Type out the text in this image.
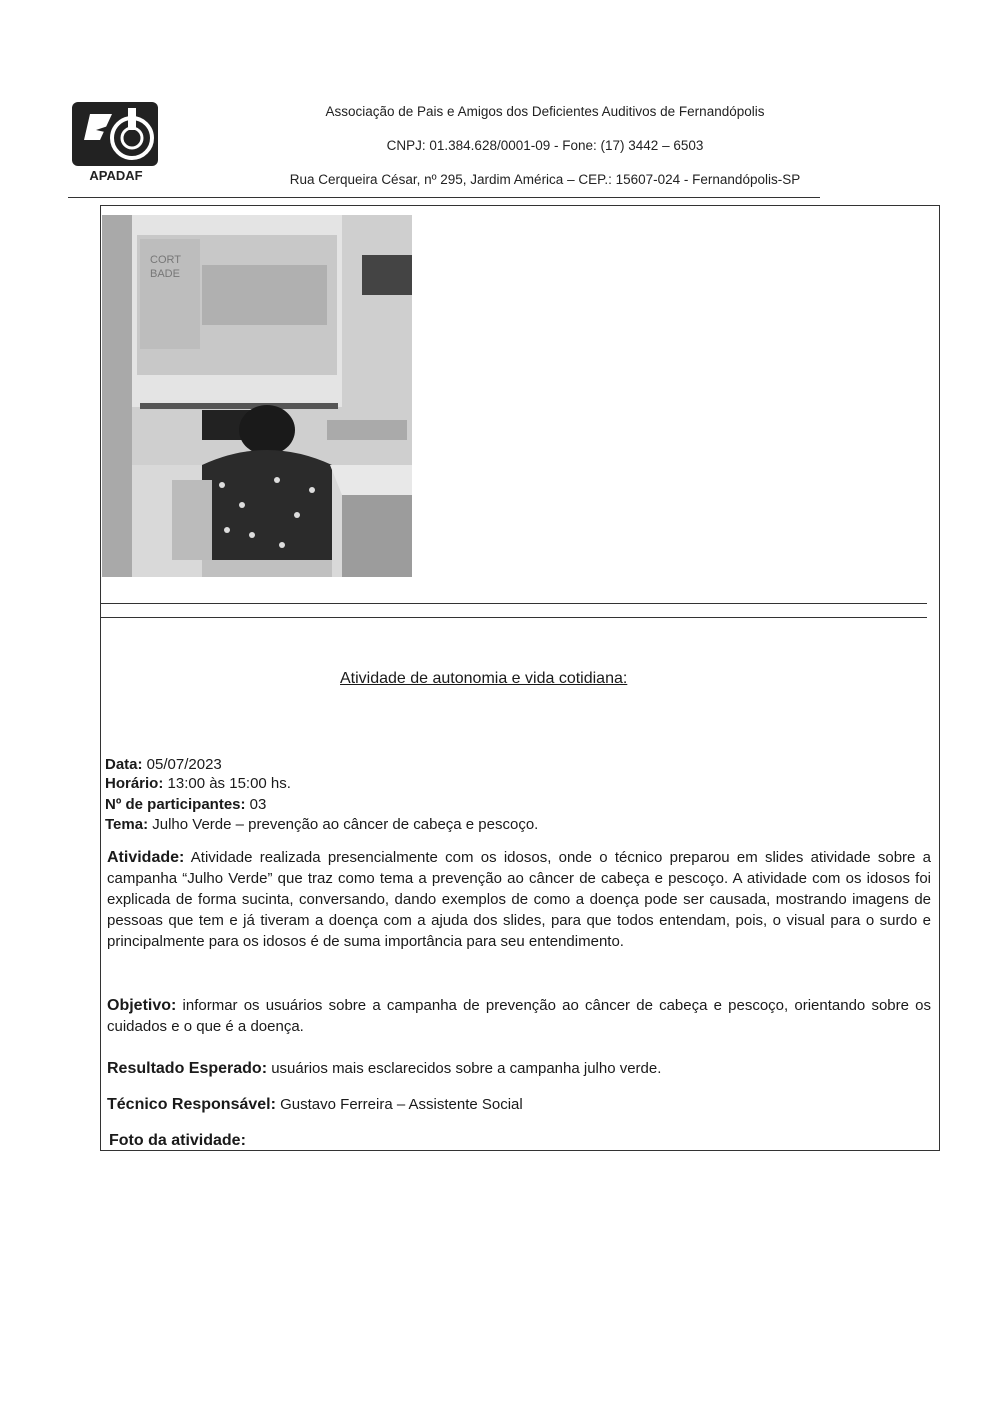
APADAF
Associação de Pais e Amigos dos Deficientes Auditivos de Fernandópolis
CNPJ: 01.384.628/0001-09 - Fone: (17) 3442 – 6503
Rua Cerqueira César, nº 295, Jardim América – CEP.: 15607-024 - Fernandópolis-SP
CORT
BADE
Atividade de autonomia e vida cotidiana:
Data: 05/07/2023
Horário: 13:00 às 15:00 hs.
Nº de participantes: 03
Tema: Julho Verde – prevenção ao câncer de cabeça e pescoço.
Atividade: Atividade realizada presencialmente com os idosos, onde o técnico preparou em slides atividade sobre a campanha “Julho Verde” que traz como tema a prevenção ao câncer de cabeça e pescoço. A atividade com os idosos foi explicada de forma sucinta, conversando, dando exemplos de como a doença pode ser causada, mostrando imagens de pessoas que tem e já tiveram a doença com a ajuda dos slides, para que todos entendam, pois, o visual para o surdo e principalmente para os idosos é de suma importância para seu entendimento.
Objetivo: informar os usuários sobre a campanha de prevenção ao câncer de cabeça e pescoço, orientando sobre os cuidados e o que é a doença.
Resultado Esperado: usuários mais esclarecidos sobre a campanha julho verde.
Técnico Responsável: Gustavo Ferreira – Assistente Social
Foto da atividade:
